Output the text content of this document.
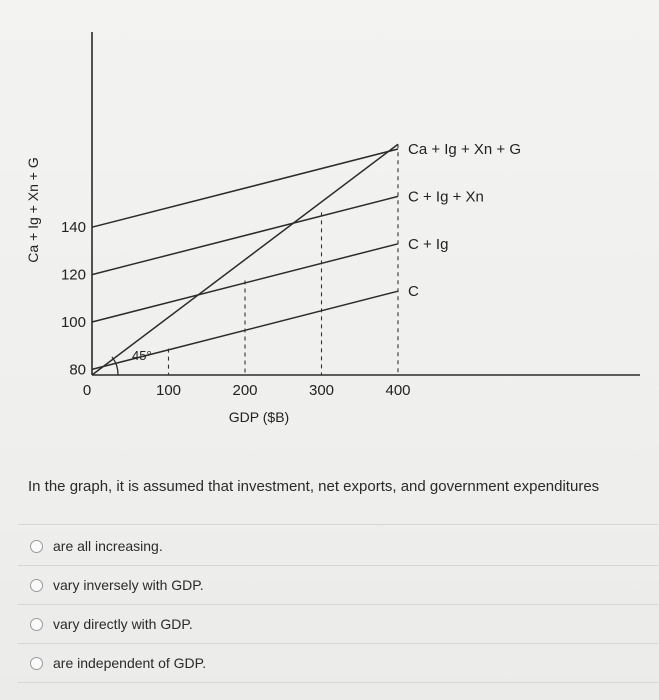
45°
80
100
120
140
0	100	200	300	400
GDP ($B)
Ca + Ig + Xn + G
C
C + Ig
C + Ig + Xn
Ca + Ig + Xn + G
In the graph, it is assumed that investment, net exports, and government expenditures
are all increasing.
vary inversely with GDP.
vary directly with GDP.
are independent of GDP.
